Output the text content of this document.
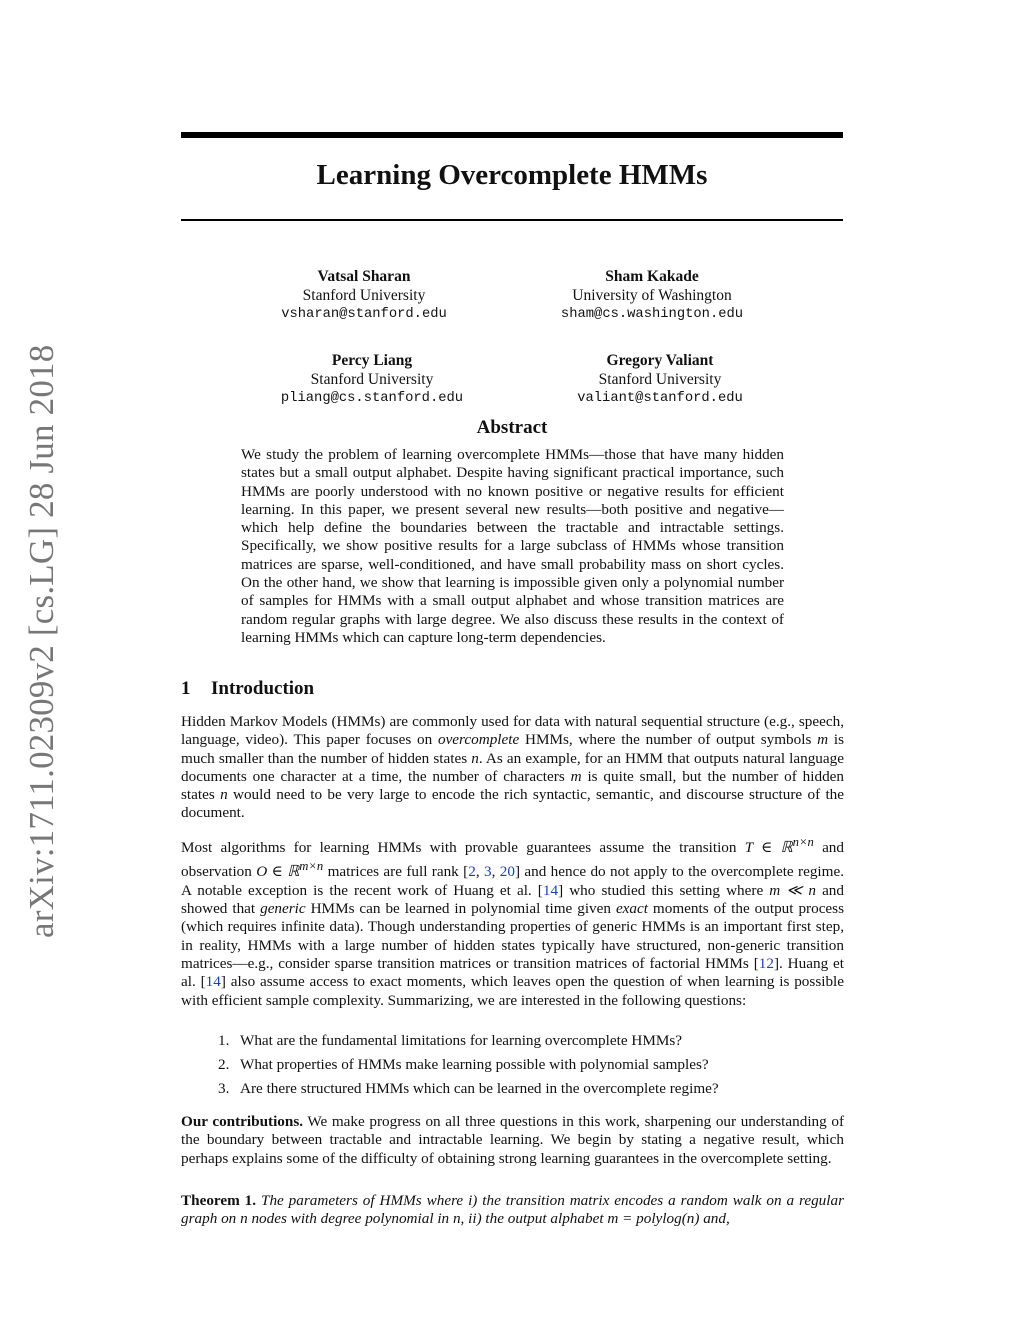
Learning Overcomplete HMMs
arXiv:1711.02309v2 [cs.LG] 28 Jun 2018
Vatsal Sharan
Stanford University
vsharan@stanford.edu
Sham Kakade
University of Washington
sham@cs.washington.edu
Percy Liang
Stanford University
pliang@cs.stanford.edu
Gregory Valiant
Stanford University
valiant@stanford.edu
Abstract

We study the problem of learning overcomplete HMMs—those that have many hidden states but a small output alphabet. Despite having significant practical importance, such HMMs are poorly understood with no known positive or negative results for efficient learning. In this paper, we present several new results—both positive and negative—which help define the boundaries between the tractable and intractable settings. Specifically, we show positive results for a large subclass of HMMs whose transition matrices are sparse, well-conditioned, and have small probability mass on short cycles. On the other hand, we show that learning is impossible given only a polynomial number of samples for HMMs with a small output alphabet and whose transition matrices are random regular graphs with large degree. We also discuss these results in the context of learning HMMs which can capture long-term dependencies.

1 Introduction

Hidden Markov Models (HMMs) are commonly used for data with natural sequential structure (e.g., speech, language, video). This paper focuses on overcomplete HMMs, where the number of output symbols m is much smaller than the number of hidden states n. As an example, for an HMM that outputs natural language documents one character at a time, the number of characters m is quite small, but the number of hidden states n would need to be very large to encode the rich syntactic, semantic, and discourse structure of the document.

Most algorithms for learning HMMs with provable guarantees assume the transition T ∈ ℝ$^{n\times n}$ and observation O ∈ ℝ$^{m\times n}$ matrices are full rank [2, 3, 20] and hence do not apply to the overcomplete regime. A notable exception is the recent work of Huang et al. [14] who studied this setting where m ≪ n and showed that generic HMMs can be learned in polynomial time given exact moments of the output process (which requires infinite data). Though understanding properties of generic HMMs is an important first step, in reality, HMMs with a large number of hidden states typically have structured, non-generic transition matrices—e.g., consider sparse transition matrices or transition matrices of factorial HMMs [12]. Huang et al. [14] also assume access to exact moments, which leaves open the question of when learning is possible with efficient sample complexity. Summarizing, we are interested in the following questions:

1. What are the fundamental limitations for learning overcomplete HMMs?
2. What properties of HMMs make learning possible with polynomial samples?
3. Are there structured HMMs which can be learned in the overcomplete regime?

Our contributions. We make progress on all three questions in this work, sharpening our understanding of the boundary between tractable and intractable learning. We begin by stating a negative result, which perhaps explains some of the difficulty of obtaining strong learning guarantees in the overcomplete setting.

Theorem 1. The parameters of HMMs where i) the transition matrix encodes a random walk on a regular graph on n nodes with degree polynomial in n, ii) the output alphabet m = polylog(n) and,
